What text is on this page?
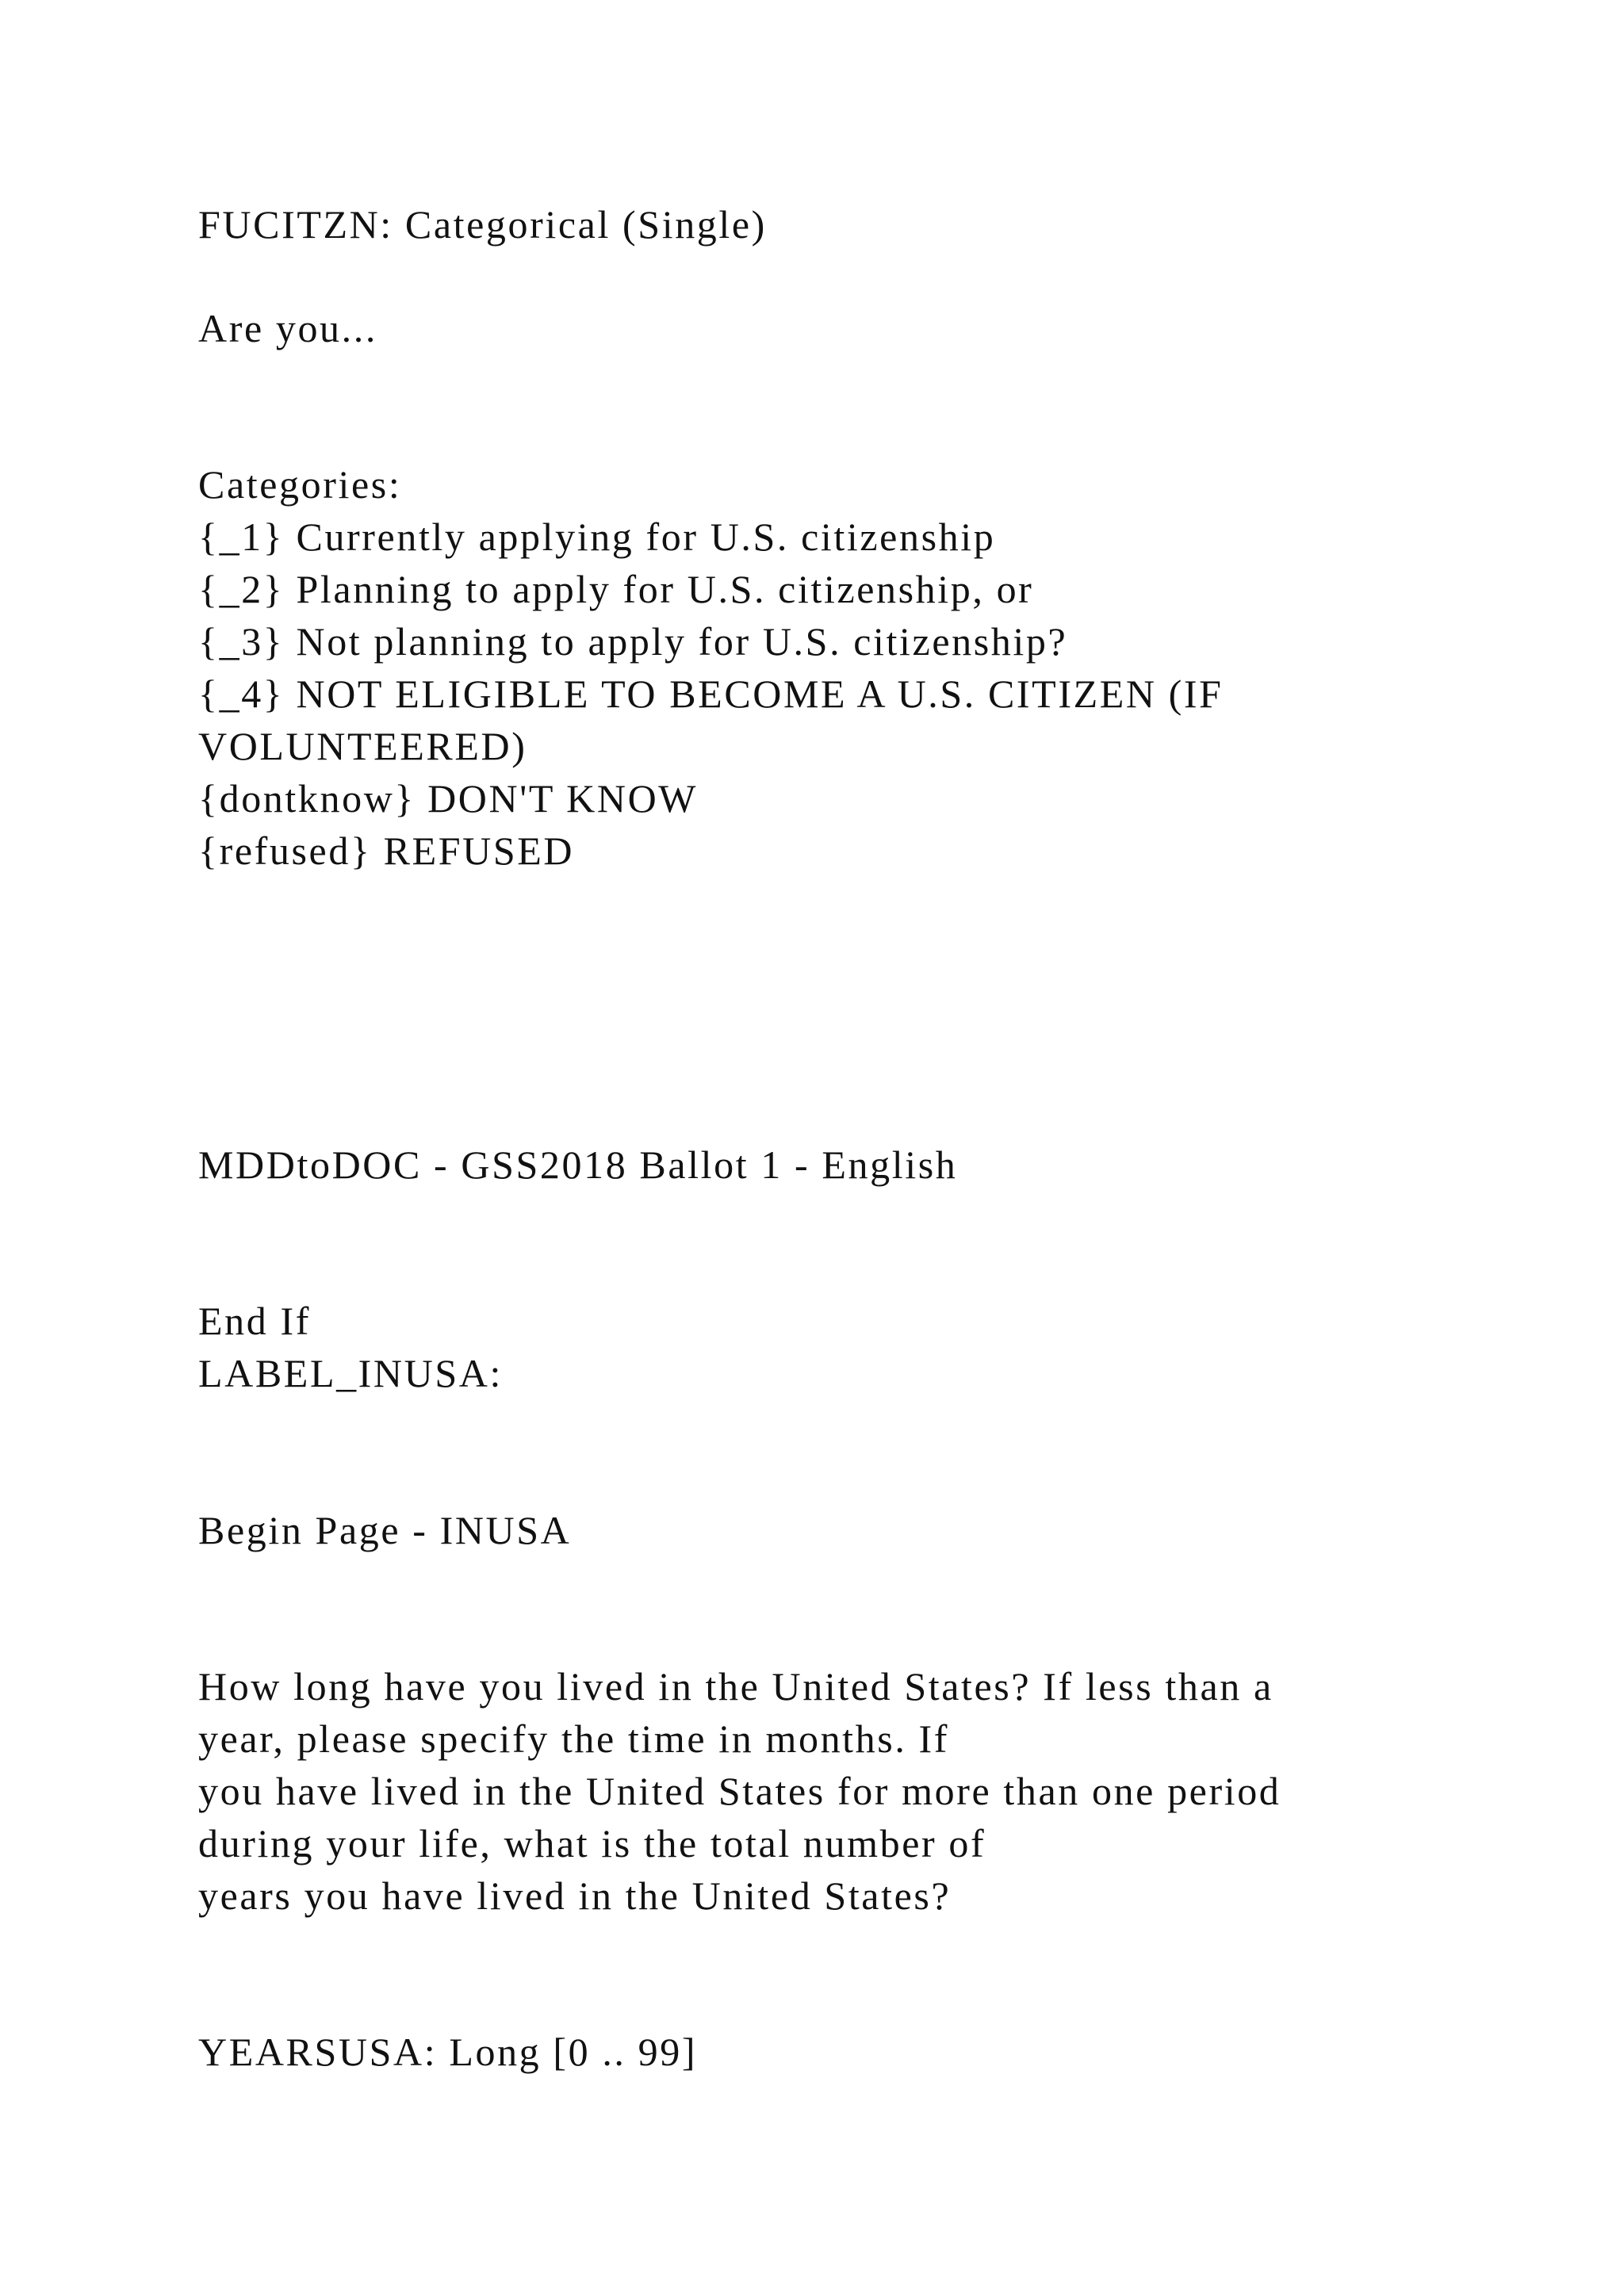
FUCITZN: Categorical (Single)

Are you...

Categories:

{_1} Currently applying for U.S. citizenship

{_2} Planning to apply for U.S. citizenship, or

{_3} Not planning to apply for U.S. citizenship?

{_4} NOT ELIGIBLE TO BECOME A U.S. CITIZEN (IF

VOLUNTEERED)

{dontknow} DON'T KNOW

{refused} REFUSED

MDDtoDOC - GSS2018 Ballot 1 - English

End If

LABEL_INUSA:

Begin Page - INUSA

How long have you lived in the United States? If less than a

year, please specify the time in months. If

you have lived in the United States for more than one period

during your life, what is the total number of

years you have lived in the United States?

YEARSUSA: Long [0 .. 99]
